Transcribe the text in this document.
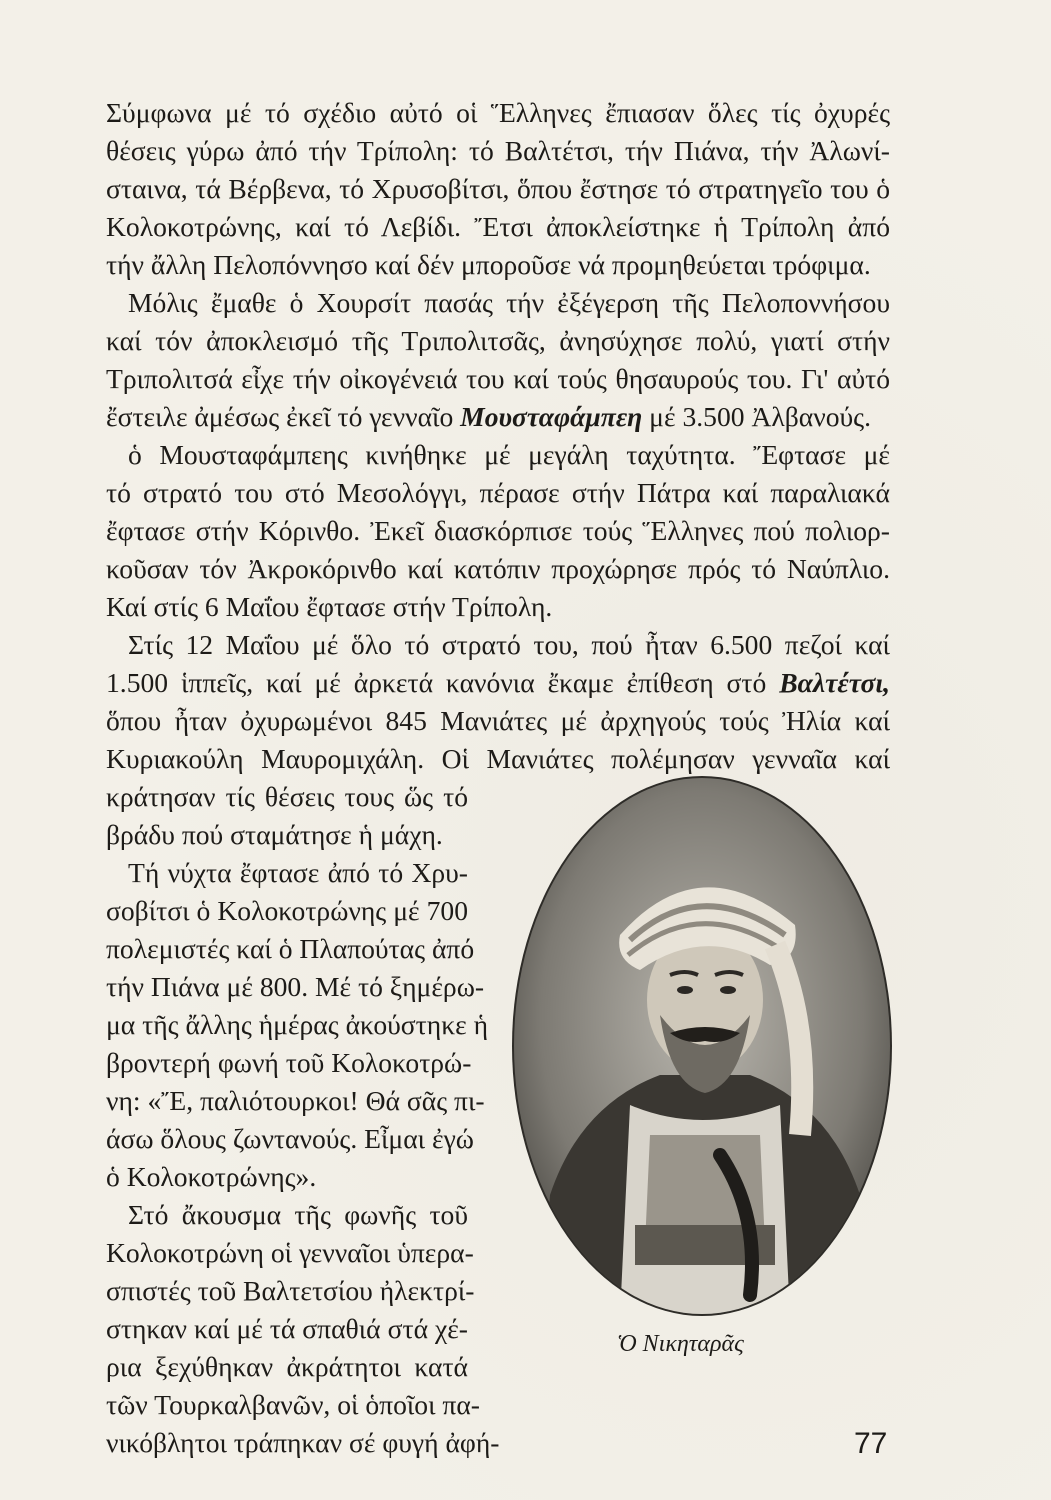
Σύμφωνα μέ τό σχέδιο αὐτό οἱ Ἕλληνες ἔπιασαν ὅλες τίς ὀχυρές
θέσεις γύρω ἀπό τήν Τρίπολη: τό Βαλτέτσι, τήν Πιάνα, τήν Ἀλωνί-
σταινα, τά Βέρβενα, τό Χρυσοβίτσι, ὅπου ἔστησε τό στρατηγεῖο του ὁ
Κολοκοτρώνης, καί τό Λεβίδι. Ἔτσι ἀποκλείστηκε ἡ Τρίπολη ἀπό
τήν ἄλλη Πελοπόννησο καί δέν μποροῦσε νά προμηθεύεται τρόφιμα.
Μόλις ἔμαθε ὁ Χουρσίτ πασάς τήν ἐξέγερση τῆς Πελοποννήσου
καί τόν ἀποκλεισμό τῆς Τριπολιτσᾶς, ἀνησύχησε πολύ, γιατί στήν
Τριπολιτσά εἶχε τήν οἰκογένειά του καί τούς θησαυρούς του. Γι' αὐτό
ἔστειλε ἀμέσως ἐκεῖ τό γενναῖο Μουσταφάμπεη μέ 3.500 Ἀλβανούς.
ὁ Μουσταφάμπεης κινήθηκε μέ μεγάλη ταχύτητα. Ἔφτασε μέ
τό στρατό του στό Μεσολόγγι, πέρασε στήν Πάτρα καί παραλιακά
ἔφτασε στήν Κόρινθο. Ἐκεῖ διασκόρπισε τούς Ἕλληνες πού πολιορ-
κοῦσαν τόν Ἀκροκόρινθο καί κατόπιν προχώρησε πρός τό Ναύπλιο.
Καί στίς 6 Μαΐου ἔφτασε στήν Τρίπολη.
Στίς 12 Μαΐου μέ ὅλο τό στρατό του, πού ἦταν 6.500 πεζοί καί
1.500 ἱππεῖς, καί μέ ἀρκετά κανόνια ἔκαμε ἐπίθεση στό Βαλτέτσι,
ὅπου ἦταν ὀχυρωμένοι 845 Μανιάτες μέ ἀρχηγούς τούς Ἠλία καί
Κυριακούλη Μαυρομιχάλη. Οἱ Μανιάτες πολέμησαν γενναῖα καί
κράτησαν τίς θέσεις τους ὥς τό
βράδυ πού σταμάτησε ἡ μάχη.
Τή νύχτα ἔφτασε ἀπό τό Χρυ-
σοβίτσι ὁ Κολοκοτρώνης μέ 700
πολεμιστές καί ὁ Πλαπούτας ἀπό
τήν Πιάνα μέ 800. Μέ τό ξημέρω-
μα τῆς ἄλλης ἡμέρας ἀκούστηκε ἡ
βροντερή φωνή τοῦ Κολοκοτρώ-
νη: «Ἔ, παλιότουρκοι! Θά σᾶς πι-
άσω ὅλους ζωντανούς. Εἶμαι ἐγώ
ὁ Κολοκοτρώνης».
Στό ἄκουσμα τῆς φωνῆς τοῦ
Κολοκοτρώνη οἱ γενναῖοι ὑπερα-
σπιστές τοῦ Βαλτετσίου ἠλεκτρί-
στηκαν καί μέ τά σπαθιά στά χέ-
ρια ξεχύθηκαν ἀκράτητοι κατά
τῶν Τουρκαλβανῶν, οἱ ὁποῖοι πα-
νικόβλητοι τράπηκαν σέ φυγή ἀφή-
Ὁ Νικηταρᾶς
77
